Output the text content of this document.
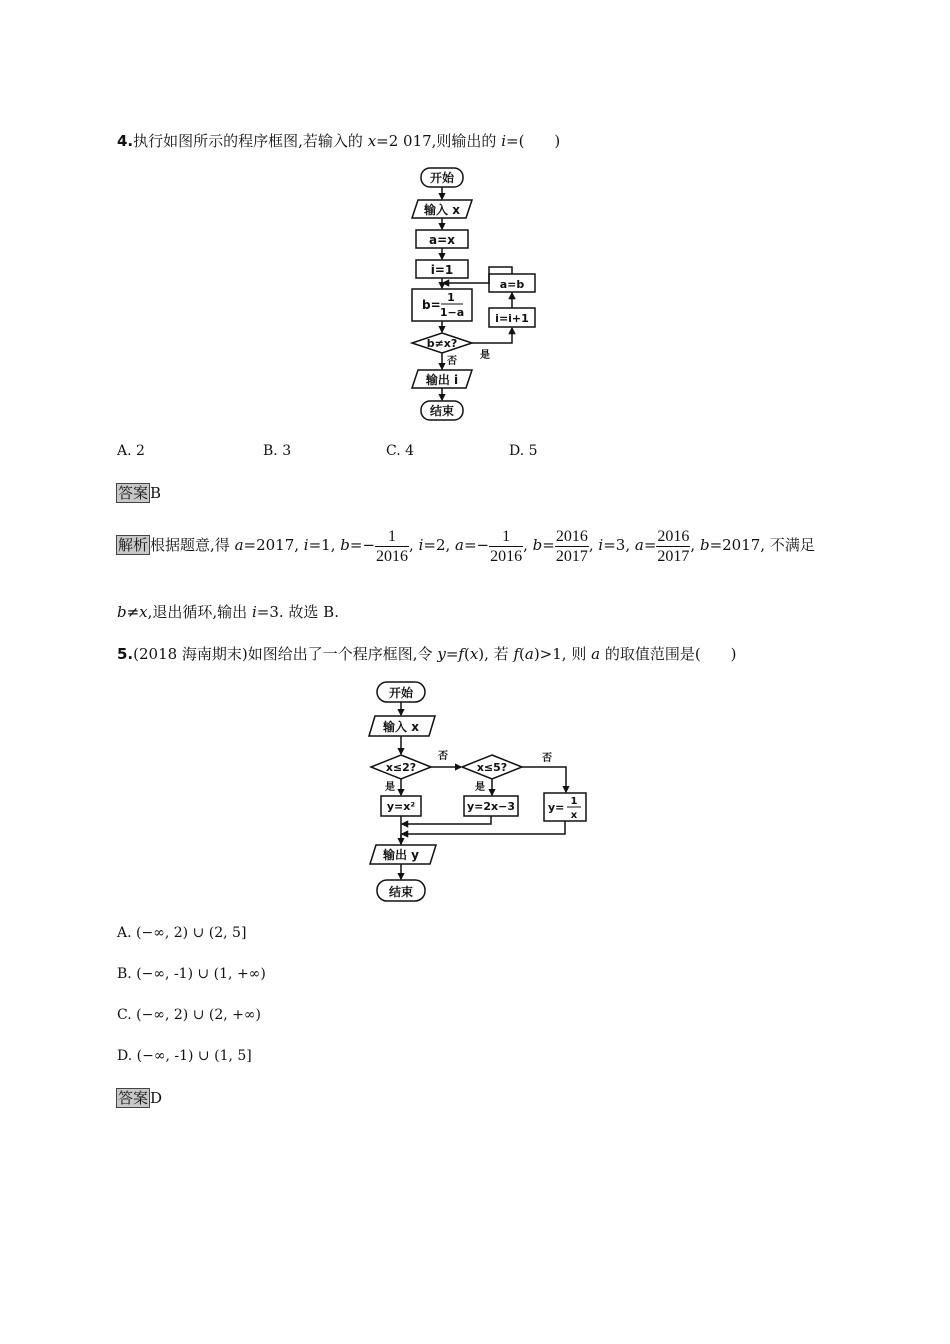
4.执行如图所示的程序框图,若输入的 x=2 017,则输出的 i=(　　)
开始
输入 x
a=x
i=1
b=
1
1−a
b≠x?
否
是
i=i+1
a=b
输出 i
结束
A. 2	B. 3	C. 4	D. 5
答案 B
解析 根据题意,得 a=2017, i=1, $b=- \frac{1}{2016}$ , i=2, $a=- \frac{1}{2016}$ , $b= \frac{2016}{2017}$ , i=3, $a= \frac{2016}{2017}$ , b=2017, 不满足
b≠x,退出循环,输出 i=3. 故选 B.
5.(2018 海南期末)如图给出了一个程序框图,令 y=f(x), 若 f(a)>1, 则 a 的取值范围是(　　)
开始
输入 x
x≤2?	x≤5?
否	否
是	是
y=x²	y=2x−3	y= 1
x
输出 y
结束
A. (−∞, 2) ∪ (2, 5]
B. (−∞, -1) ∪ (1, +∞)
C. (−∞, 2) ∪ (2, +∞)
D. (−∞, -1) ∪ (1, 5]
答案 D
